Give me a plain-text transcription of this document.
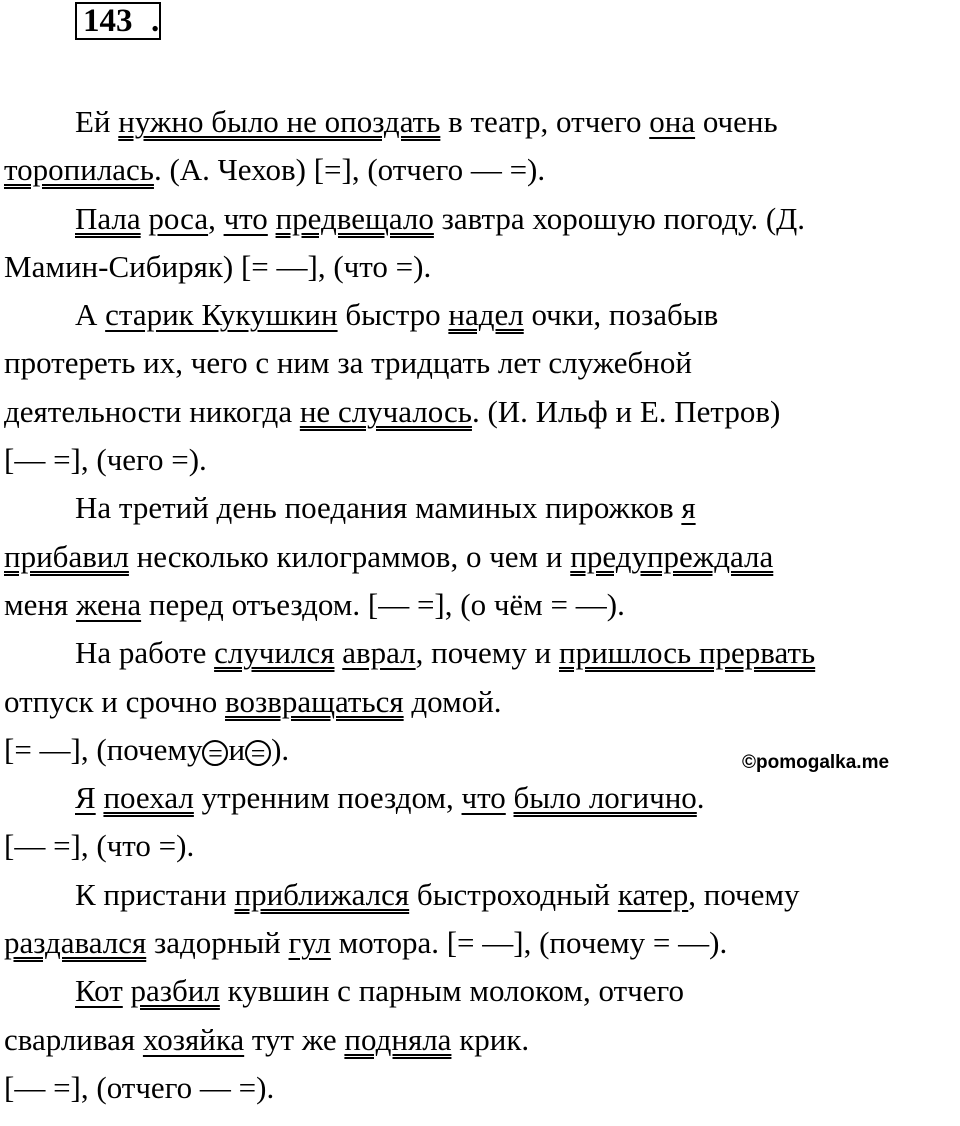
143 .
Ей нужно было не опоздать в театр, отчего она очень
торопилась. (А. Чехов) [=], (отчего — =).
Пала роса, что предвещало завтра хорошую погоду. (Д.
Мамин-Сибиряк) [= —], (что =).
А старик Кукушкин быстро надел очки, позабыв
протереть их, чего с ним за тридцать лет служебной
деятельности никогда не случалось. (И. Ильф и Е. Петров)
[— =], (чего =).
На третий день поедания маминых пирожков я
прибавил несколько килограммов, о чем и предупреждала
меня жена перед отъездом. [— =], (о чём = —).
На работе случился аврал, почему и пришлось прервать
отпуск и срочно возвращаться домой.
[= —], (почему = и = ).
Я поехал утренним поездом, что было логично.
[— =], (что =).
К пристани приближался быстроходный катер, почему
раздавался задорный гул мотора. [= —], (почему = —).
Кот разбил кувшин с парным молоком, отчего
сварливая хозяйка тут же подняла крик.
[— =], (отчего — =).
©pomogalka.me
